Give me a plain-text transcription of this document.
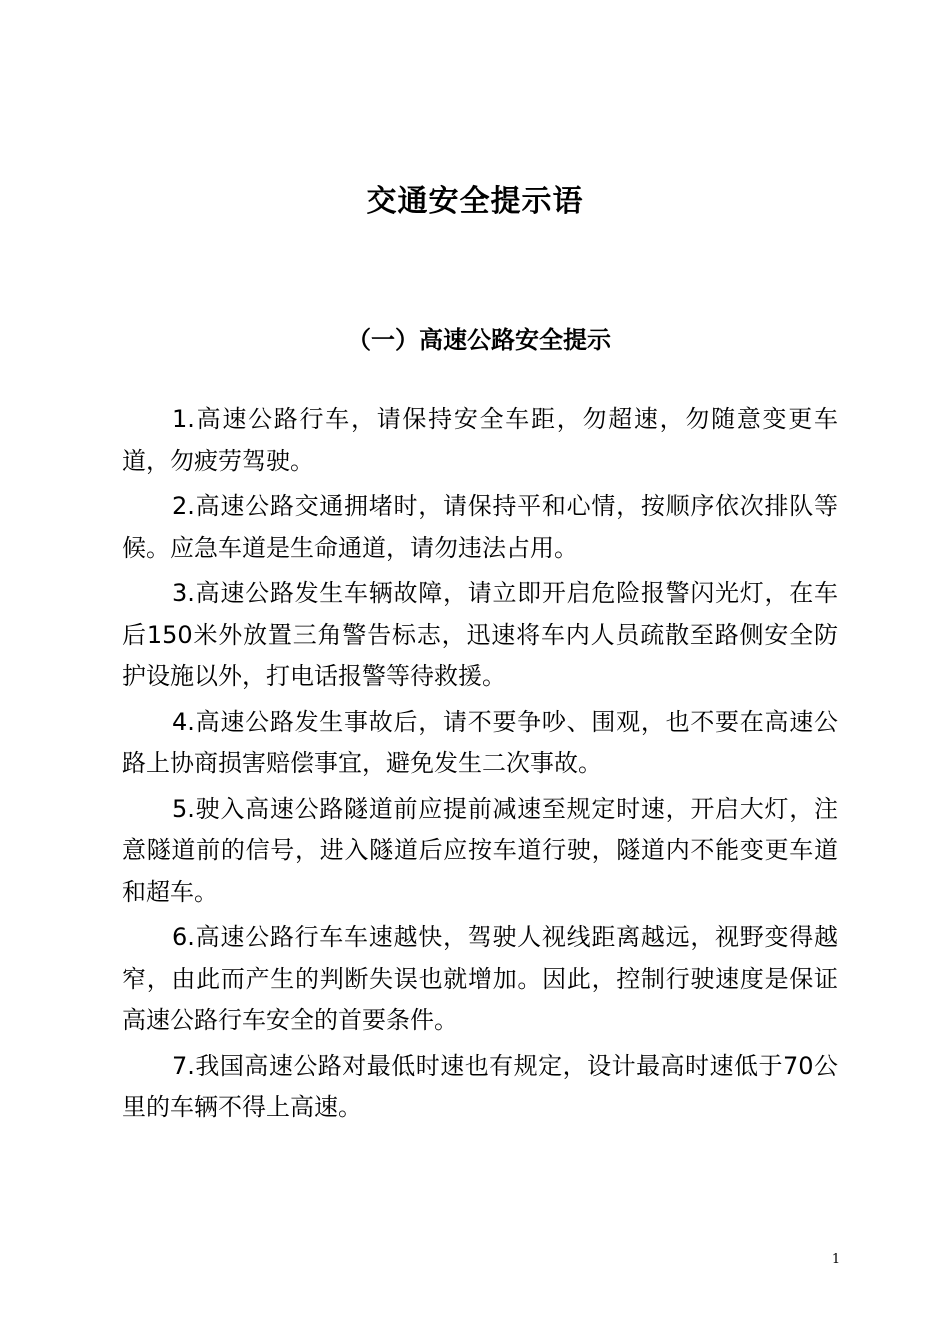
交通安全提示语
（一）高速公路安全提示

1.高速公路行车，请保持安全车距，勿超速，勿随意变更车道，勿疲劳驾驶。

2.高速公路交通拥堵时，请保持平和心情，按顺序依次排队等候。应急车道是生命通道，请勿违法占用。

3.高速公路发生车辆故障，请立即开启危险报警闪光灯，在车后150米外放置三角警告标志，迅速将车内人员疏散至路侧安全防护设施以外，打电话报警等待救援。

4.高速公路发生事故后，请不要争吵、围观，也不要在高速公路上协商损害赔偿事宜，避免发生二次事故。

5.驶入高速公路隧道前应提前减速至规定时速，开启大灯，注意隧道前的信号，进入隧道后应按车道行驶，隧道内不能变更车道和超车。

6.高速公路行车车速越快，驾驶人视线距离越远，视野变得越窄，由此而产生的判断失误也就增加。因此，控制行驶速度是保证高速公路行车安全的首要条件。

7.我国高速公路对最低时速也有规定，设计最高时速低于70公里的车辆不得上高速。

1
